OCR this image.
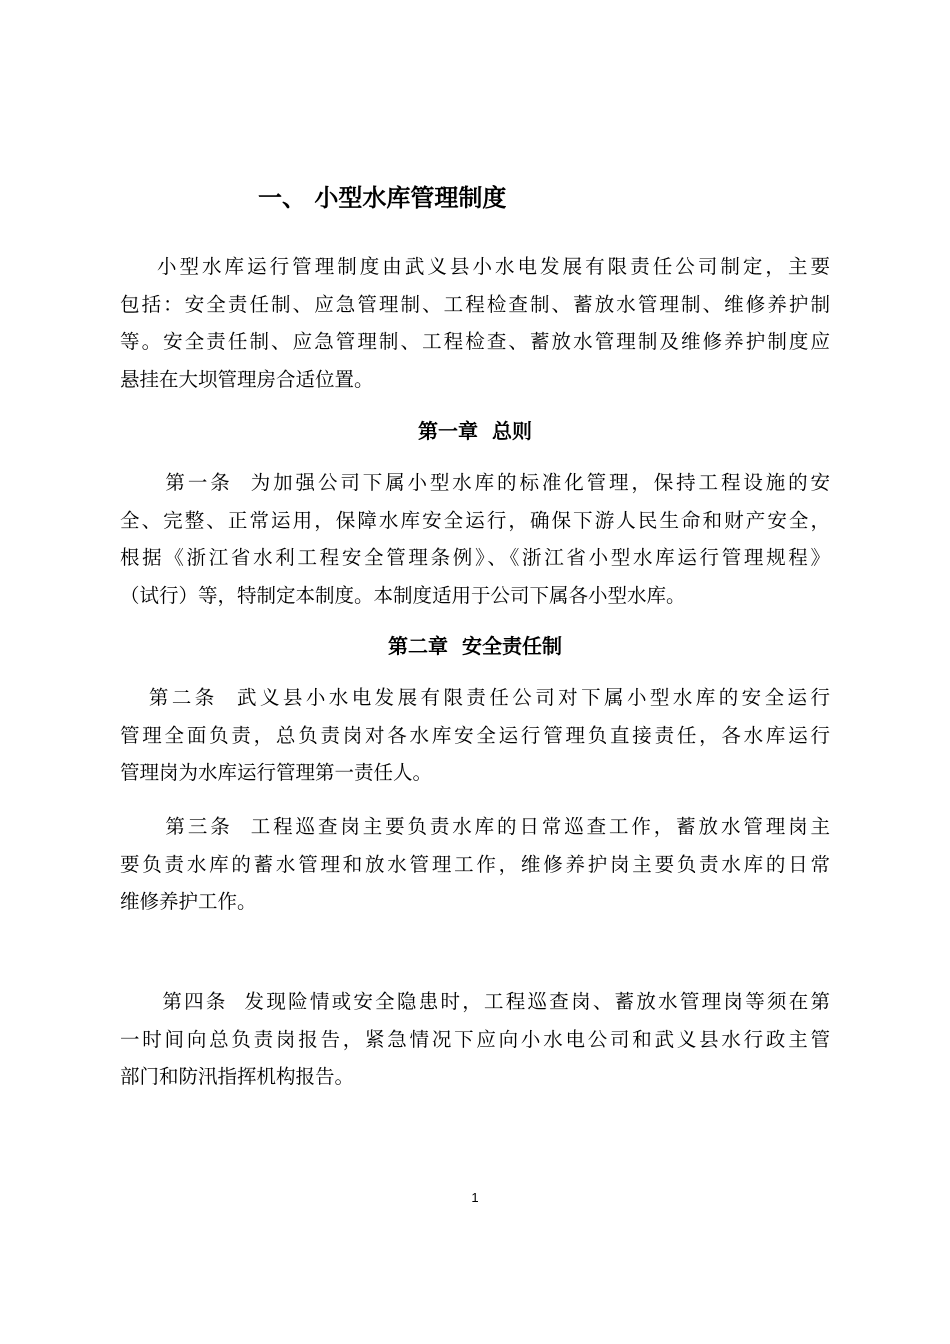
一、 小型水库管理制度
小型水库运行管理制度由武义县小水电发展有限责任公司制定，主要
包括：安全责任制、应急管理制、工程检查制、蓄放水管理制、维修养护制
等。安全责任制、应急管理制、工程检查、蓄放水管理制及维修养护制度应
悬挂在大坝管理房合适位置。
第一章  总则
第一条  为加强公司下属小型水库的标准化管理，保持工程设施的安
全、完整、正常运用，保障水库安全运行，确保下游人民生命和财产安全，
根据《浙江省水利工程安全管理条例》、《浙江省小型水库运行管理规程》
（试行）等，特制定本制度。本制度适用于公司下属各小型水库。
第二章  安全责任制
第二条  武义县小水电发展有限责任公司对下属小型水库的安全运行
管理全面负责，总负责岗对各水库安全运行管理负直接责任，各水库运行
管理岗为水库运行管理第一责任人。
第三条  工程巡查岗主要负责水库的日常巡查工作，蓄放水管理岗主
要负责水库的蓄水管理和放水管理工作，维修养护岗主要负责水库的日常
维修养护工作。
第四条  发现险情或安全隐患时，工程巡查岗、蓄放水管理岗等须在第
一时间向总负责岗报告，紧急情况下应向小水电公司和武义县水行政主管
部门和防汛指挥机构报告。
1
